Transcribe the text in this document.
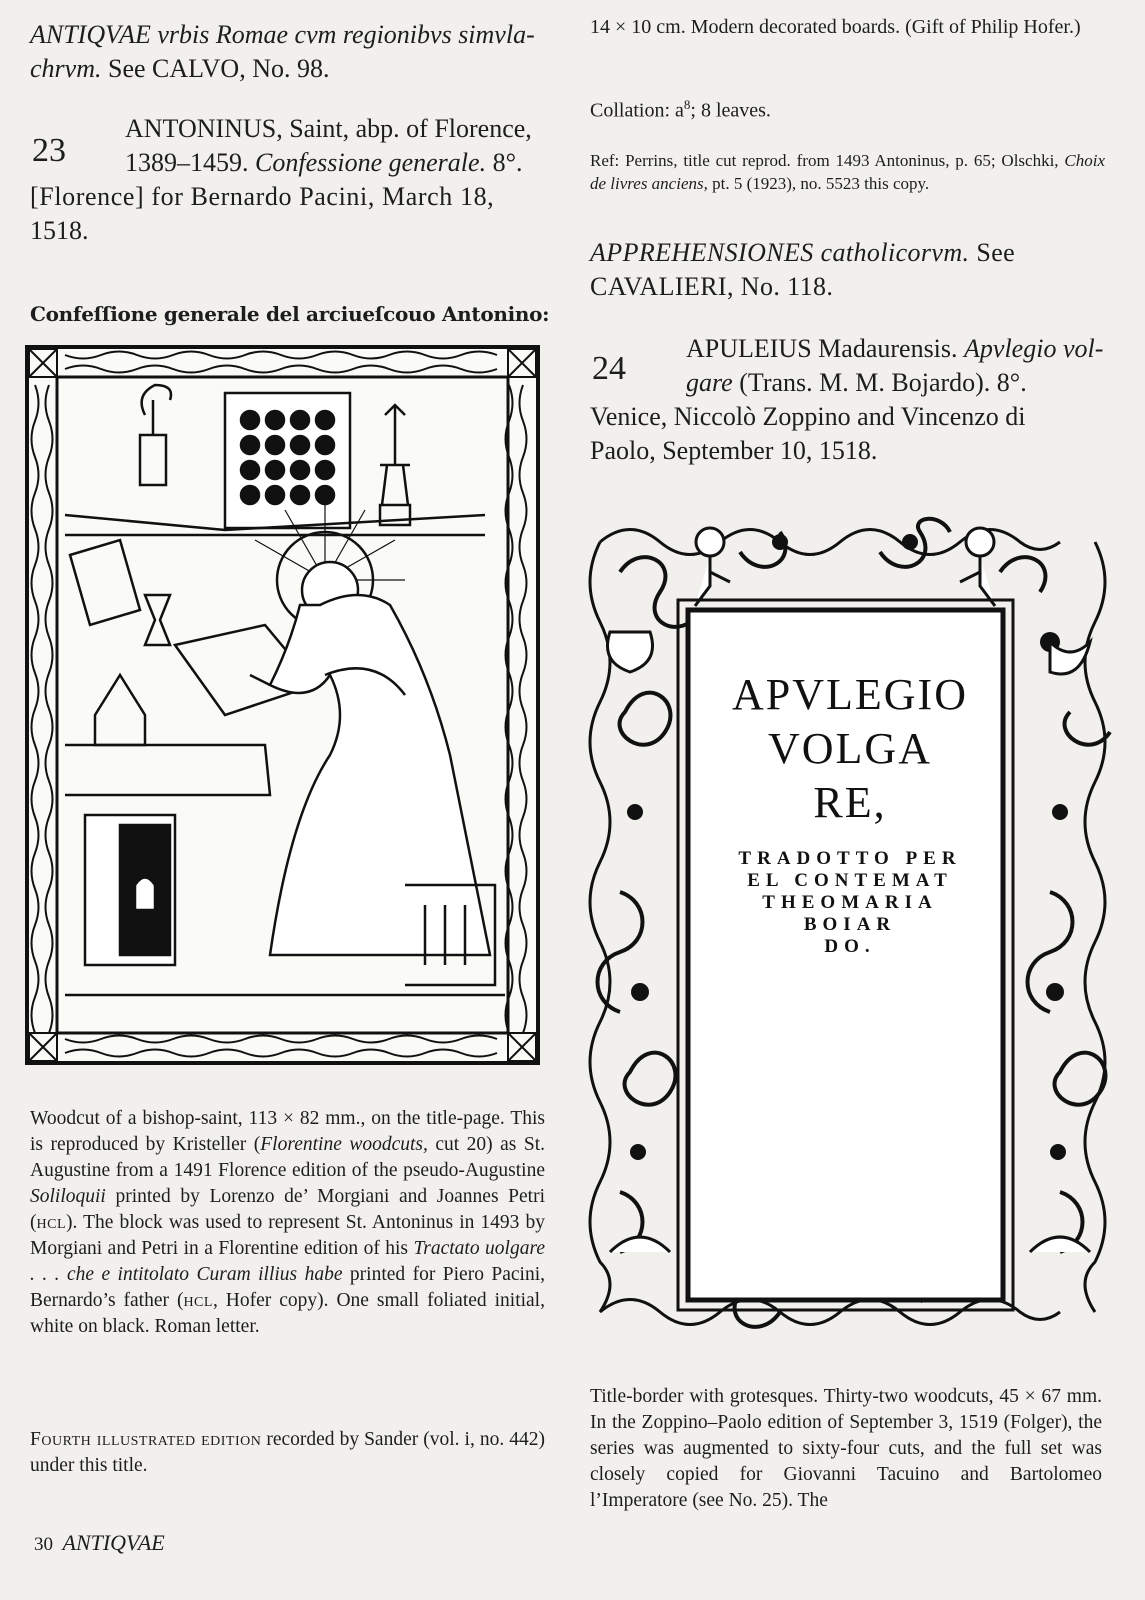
ANTIQVAE vrbis Romae cvm regionibvs simvla-chrvm. See CALVO, No. 98.
23
ANTONINUS, Saint, abp. of Florence,
1389–1459. Confessione generale. 8°.
[Florence] for Bernardo Pacini, March 18,
1518.
Confeſſione generale del arciueſcouo Antonino:
Woodcut of a bishop-saint, 113 × 82 mm., on the title-page. This is reproduced by Kristeller (Florentine woodcuts, cut 20) as St. Augustine from a 1491 Florence edition of the pseudo-Augustine Soliloquii printed by Lorenzo de’ Morgiani and Joannes Petri (hcl). The block was used to represent St. Antoninus in 1493 by Morgiani and Petri in a Florentine edition of his Tractato uolgare . . . che e intitolato Curam illius habe printed for Piero Pacini, Bernardo’s father (hcl, Hofer copy). One small foliated initial, white on black. Roman letter.
Fourth illustrated edition recorded by Sander (vol. i, no. 442) under this title.
30 ANTIQVAE
14 × 10 cm. Modern decorated boards. (Gift of Philip Hofer.)
Collation: $a^8$; 8 leaves.
Ref: Perrins, title cut reprod. from 1493 Antoninus, p. 65; Olschki, Choix de livres anciens, pt. 5 (1923), no. 5523 this copy.
APPREHENSIONES catholicorvm. See CAVALIERI, No. 118.
24
APULEIUS Madaurensis. Apvlegio vol-
gare (Trans. M. M. Bojardo). 8°.
Venice, Niccolò Zoppino and Vincenzo di
Paolo, September 10, 1518.
APVLEGIO
VOLGA
RE,
TRADOTTO PER
EL CONTEMAT
THEOMARIA
BOIAR
DO.
Title-border with grotesques. Thirty-two woodcuts, 45 × 67 mm. In the Zoppino–Paolo edition of September 3, 1519 (Folger), the series was augmented to sixty-four cuts, and the full set was closely copied for Giovanni Tacuino and Bartolomeo l’Imperatore (see No. 25). The
